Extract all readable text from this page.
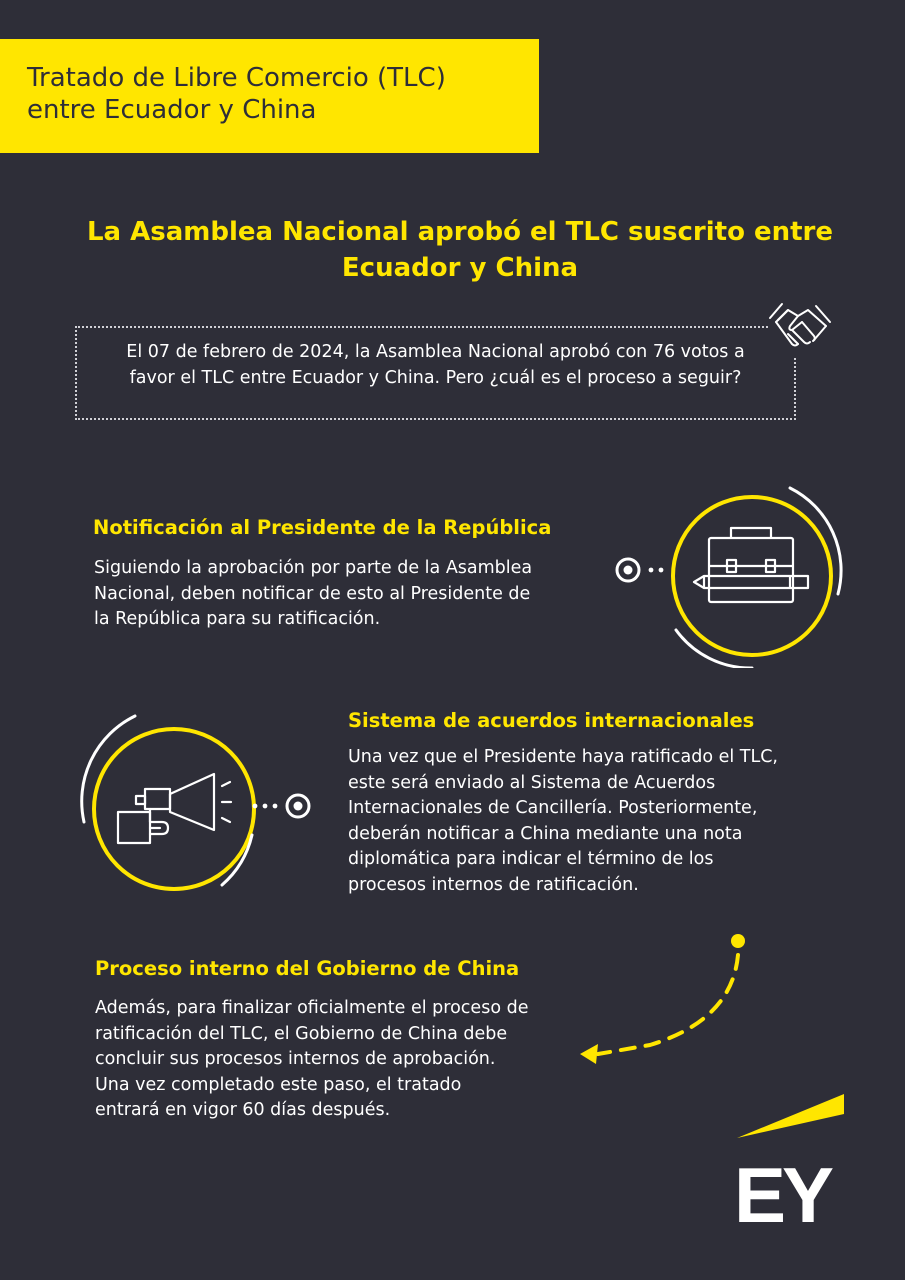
Tratado de Libre Comercio (TLC)
entre Ecuador y China
La Asamblea Nacional aprobó el TLC suscrito entre
Ecuador y China
El 07 de febrero de 2024, la Asamblea Nacional aprobó con 76 votos a
favor el TLC entre Ecuador y China. Pero ¿cuál es el proceso a seguir?
Notificación al Presidente de la República
Siguiendo la aprobación por parte de la Asamblea
Nacional, deben notificar de esto al Presidente de
la República para su ratificación.
Sistema de acuerdos internacionales
Una vez que el Presidente haya ratificado el TLC,
este será enviado al Sistema de Acuerdos
Internacionales de Cancillería. Posteriormente,
deberán notificar a China mediante una nota
diplomática para indicar el término de los
procesos internos de ratificación.
Proceso interno del Gobierno de China
Además, para finalizar oficialmente el proceso de
ratificación del TLC, el Gobierno de China debe
concluir sus procesos internos de aprobación.
Una vez completado este paso, el tratado
entrará en vigor 60 días después.
EY
